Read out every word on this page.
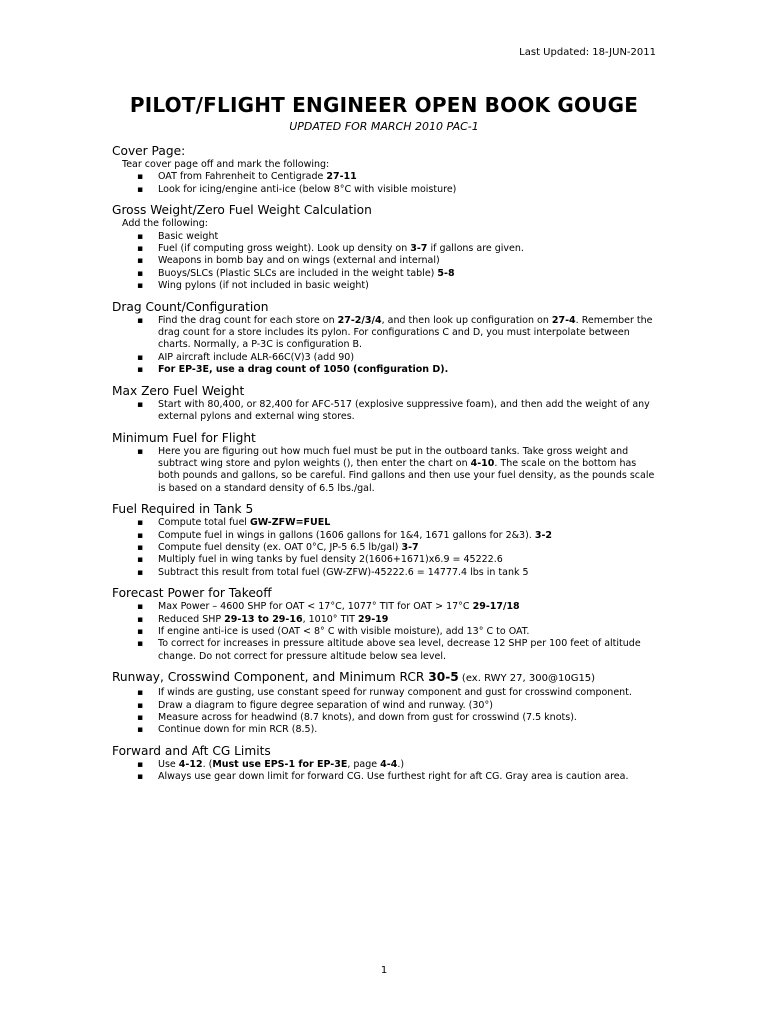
Last Updated: 18-JUN-2011
PILOT/FLIGHT ENGINEER OPEN BOOK GOUGE
UPDATED FOR MARCH 2010 PAC-1
Cover Page:
Tear cover page off and mark the following:
▪ OAT from Fahrenheit to Centigrade 27-11
▪ Look for icing/engine anti-ice (below 8°C with visible moisture)
Gross Weight/Zero Fuel Weight Calculation
Add the following:
▪ Basic weight
▪ Fuel (if computing gross weight). Look up density on 3-7 if gallons are given.
▪ Weapons in bomb bay and on wings (external and internal)
▪ Buoys/SLCs (Plastic SLCs are included in the weight table) 5-8
▪ Wing pylons (if not included in basic weight)
Drag Count/Configuration
▪ Find the drag count for each store on 27-2/3/4, and then look up configuration on 27-4. Remember the drag count for a store includes its pylon. For configurations C and D, you must interpolate between charts. Normally, a P-3C is configuration B.
▪ AIP aircraft include ALR-66C(V)3 (add 90)
▪ For EP-3E, use a drag count of 1050 (configuration D).
Max Zero Fuel Weight
▪ Start with 80,400, or 82,400 for AFC-517 (explosive suppressive foam), and then add the weight of any external pylons and external wing stores.
Minimum Fuel for Flight
▪ Here you are figuring out how much fuel must be put in the outboard tanks. Take gross weight and subtract wing store and pylon weights (), then enter the chart on 4-10. The scale on the bottom has both pounds and gallons, so be careful. Find gallons and then use your fuel density, as the pounds scale is based on a standard density of 6.5 lbs./gal.
Fuel Required in Tank 5
▪ Compute total fuel GW-ZFW=FUEL
▪ Compute fuel in wings in gallons (1606 gallons for 1&4, 1671 gallons for 2&3). 3-2
▪ Compute fuel density (ex. OAT 0°C, JP-5 6.5 lb/gal) 3-7
▪ Multiply fuel in wing tanks by fuel density 2(1606+1671)x6.9 = 45222.6
▪ Subtract this result from total fuel (GW-ZFW)-45222.6 = 14777.4 lbs in tank 5
Forecast Power for Takeoff
▪ Max Power – 4600 SHP for OAT < 17°C, 1077° TIT for OAT > 17°C 29-17/18
▪ Reduced SHP 29-13 to 29-16, 1010° TIT 29-19
▪ If engine anti-ice is used (OAT < 8° C with visible moisture), add 13° C to OAT.
▪ To correct for increases in pressure altitude above sea level, decrease 12 SHP per 100 feet of altitude change. Do not correct for pressure altitude below sea level.
Runway, Crosswind Component, and Minimum RCR 30-5 (ex. RWY 27, 300@10G15)
▪ If winds are gusting, use constant speed for runway component and gust for crosswind component.
▪ Draw a diagram to figure degree separation of wind and runway. (30°)
▪ Measure across for headwind (8.7 knots), and down from gust for crosswind (7.5 knots).
▪ Continue down for min RCR (8.5).
Forward and Aft CG Limits
▪ Use 4-12. (Must use EPS-1 for EP-3E, page 4-4.)
▪ Always use gear down limit for forward CG. Use furthest right for aft CG. Gray area is caution area.
1
